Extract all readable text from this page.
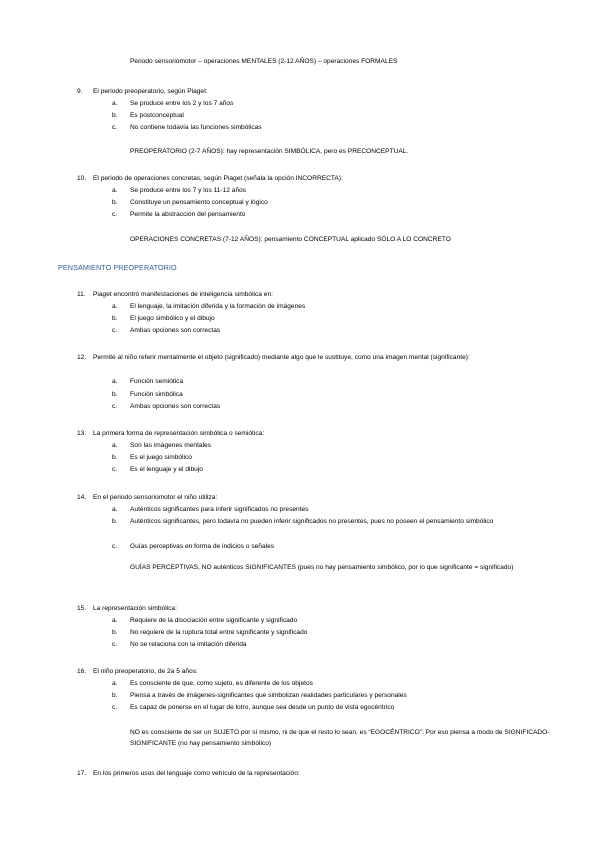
Periodo sensoriomotor – operaciones MENTALES (2-12 AÑOS) – operaciones FORMALES
9. El periodo preoperatorio, según Piaget:
a. Se produce entre los 2 y los 7 años
b. Es postconceptual
c. No contiene todavía las funciones simbólicas
PREOPERATORIO (2-7 AÑOS): hay representación SIMBÓLICA, pero es PRECONCEPTUAL.
10. El periodo de operaciones concretas, según Piaget (señala la opción INCORRECTA):
a. Se produce entre los 7 y los 11-12 años
b. Constituye un pensamiento conceptual y lógico
c. Permite la abstracción del pensamiento
OPERACIONES CONCRETAS (7-12 AÑOS): pensamiento CONCEPTUAL aplicado SÓLO A LO CONCRETO
PENSAMIENTO PREOPERATORIO
11. Piaget encontró manifestaciones de inteligencia simbólica en:
a. El lenguaje, la imitación diferida y la formación de imágenes
b. El juego simbólico y el dibujo
c. Ambas opciones son correctas
12. Permite al niño referir mentalmente el objeto (significado) mediante algo que le sustituye, como una imagen mental (significante):
a. Función semiótica
b. Función simbólica
c. Ambas opciones son correctas
13. La primera forma de representación simbólica o semiótica:
a. Son las imágenes mentales
b. Es el juego simbólico
c. Es el lenguaje y el dibujo
14. En el periodo sensoriomotor el niño utiliza:
a. Auténticos significantes para inferir significados no presentes
b. Auténticos significantes, pero todavía no pueden inferir significados no presentes, pues no poseen el pensamiento simbólico
c. Guías perceptivas en forma de indicios o señales
GUÍAS PERCEPTIVAS, NO auténticos SIGNIFICANTES (pues no hay pensamiento simbólico, por lo que significante = significado)
15. La representación simbólica:
a. Requiere de la disociación entre significante y significado
b. No requiere de la ruptura total entre significante y significado
c. No se relaciona con la imitación diferida
16. El niño preoperatorio, de 2a 5 años:
a. Es consciente de que, como sujeto, es diferente de los objetos
b. Piensa a través de imágenes-significantes que simbolizan realidades particulares y personales
c. Es capaz de ponerse en el lugar de lotro, aunque sea desde un punto de vista egocéntrico
NO es consciente de ser un SUJETO por sí mismo, ni de que el resto lo sean, es “EGOCÉNTRICO”. Por eso piensa a modo de SIGNIFICADO-SIGNIFICANTE (no hay pensamiento simbólico)
17. En los primeros usos del lenguaje como vehículo de la representación:
